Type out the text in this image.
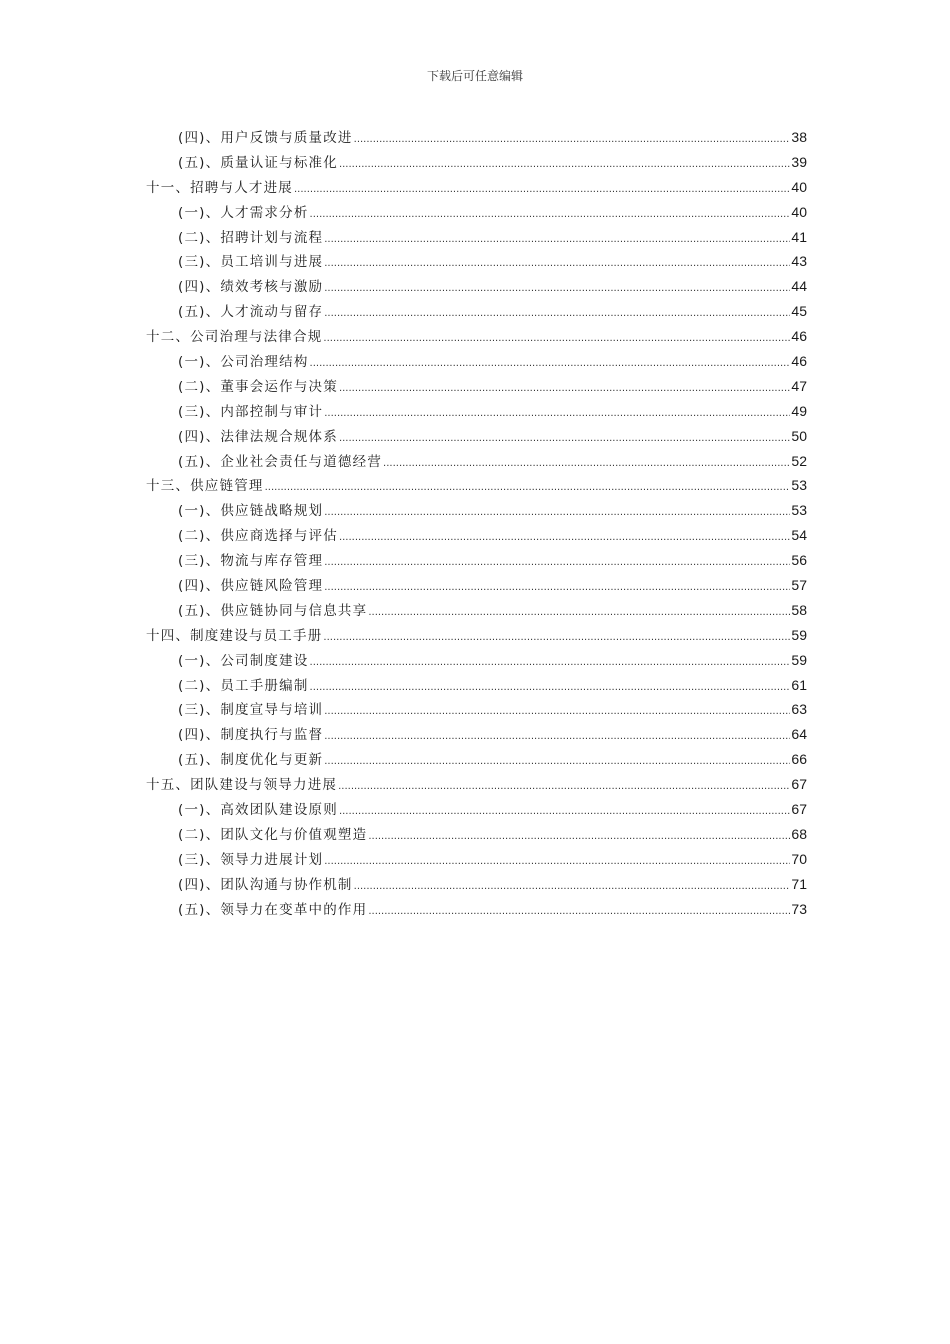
下载后可任意编辑
(四)、用户反馈与质量改进 .....	38
(五)、质量认证与标准化 .....	39
十一、招聘与人才进展 .....	40
(一)、人才需求分析 .....	40
(二)、招聘计划与流程 .....	41
(三)、员工培训与进展 .....	43
(四)、绩效考核与激励 .....	44
(五)、人才流动与留存 .....	45
十二、公司治理与法律合规 .....	46
(一)、公司治理结构 .....	46
(二)、董事会运作与决策 .....	47
(三)、内部控制与审计 .....	49
(四)、法律法规合规体系 .....	50
(五)、企业社会责任与道德经营 .....	52
十三、供应链管理 .....	53
(一)、供应链战略规划 .....	53
(二)、供应商选择与评估 .....	54
(三)、物流与库存管理 .....	56
(四)、供应链风险管理 .....	57
(五)、供应链协同与信息共享 .....	58
十四、制度建设与员工手册 .....	59
(一)、公司制度建设 .....	59
(二)、员工手册编制 .....	61
(三)、制度宣导与培训 .....	63
(四)、制度执行与监督 .....	64
(五)、制度优化与更新 .....	66
十五、团队建设与领导力进展 .....	67
(一)、高效团队建设原则 .....	67
(二)、团队文化与价值观塑造 .....	68
(三)、领导力进展计划 .....	70
(四)、团队沟通与协作机制 .....	71
(五)、领导力在变革中的作用 .....	73
